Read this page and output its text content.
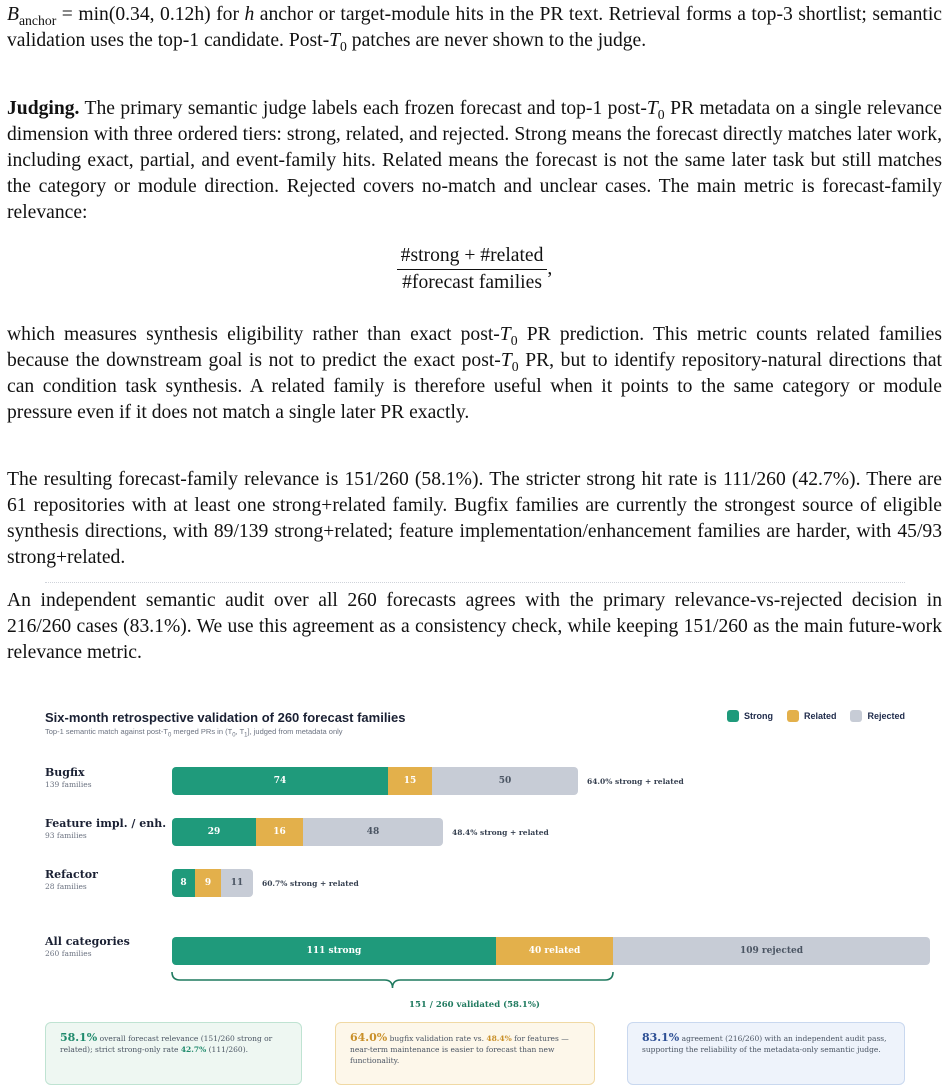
$B_{anchor} = \min(0.34$, 0.12h) for h anchor or target-module hits in the PR text. Retrieval forms a top-3 shortlist; semantic validation uses the top-1 candidate. Post-$T_0$ patches are never shown to the judge.
Judging. The primary semantic judge labels each frozen forecast and top-1 post-$T_0$ PR metadata on a single relevance dimension with three ordered tiers: strong, related, and rejected. Strong means the forecast directly matches later work, including exact, partial, and event-family hits. Related means the forecast is not the same later task but still matches the category or module direction. Rejected covers no-match and unclear cases. The main metric is forecast-family relevance:
$\frac{\text{\#strong + \#related}}{\text{\#forecast families}}$ ,
which measures synthesis eligibility rather than exact post-$T_0$ PR prediction. This metric counts related families because the downstream goal is not to predict the exact post-$T_0$ PR, but to identify repository-natural directions that can condition task synthesis. A related family is therefore useful when it points to the same category or module pressure even if it does not match a single later PR exactly.
The resulting forecast-family relevance is 151/260 (58.1%). The stricter strong hit rate is 111/260 (42.7%). There are 61 repositories with at least one strong+related family. Bugfix families are currently the strongest source of eligible synthesis directions, with 89/139 strong+related; feature implementation/enhancement families are harder, with 45/93 strong+related.
An independent semantic audit over all 260 forecasts agrees with the primary relevance-vs-rejected decision in 216/260 cases (83.1%). We use this agreement as a consistency check, while keeping 151/260 as the main future-work relevance metric.
Six-month retrospective validation of 260 forecast families
Top-1 semantic match against post-$T_0$ merged PRs in ($T_0$, $T_1$], judged from metadata only
Strong	Related	Rejected
Bugfix
139 families	74	15	50	64.0% strong + related
Feature impl. / enh.
93 families	29	16	48	48.4% strong + related
Refactor
28 families	8	9	11	60.7% strong + related
All categories
260 families	111 strong	40 related	109 rejected
151 / 260 validated (58.1%)
58.1% overall forecast relevance (151/260 strong or related); strict strong-only rate 42.7% (111/260).
64.0% bugfix validation rate vs. 48.4% for features — near-term maintenance is easier to forecast than new functionality.
83.1% agreement (216/260) with an independent audit pass, supporting the reliability of the metadata-only semantic judge.
